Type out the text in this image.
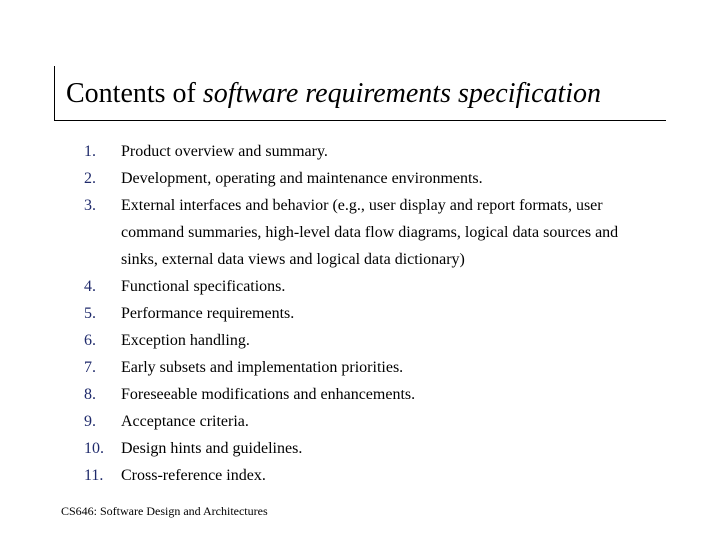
Contents of software requirements specification
1. Product overview and summary.
2. Development, operating and maintenance environments.
3. External interfaces and behavior (e.g., user display and report formats, user command summaries, high-level data flow diagrams, logical data sources and sinks, external data views and logical data dictionary)
4. Functional specifications.
5. Performance requirements.
6. Exception handling.
7. Early subsets and implementation priorities.
8. Foreseeable modifications and enhancements.
9. Acceptance criteria.
10. Design hints and guidelines.
11. Cross-reference index.
CS646: Software Design and Architectures
